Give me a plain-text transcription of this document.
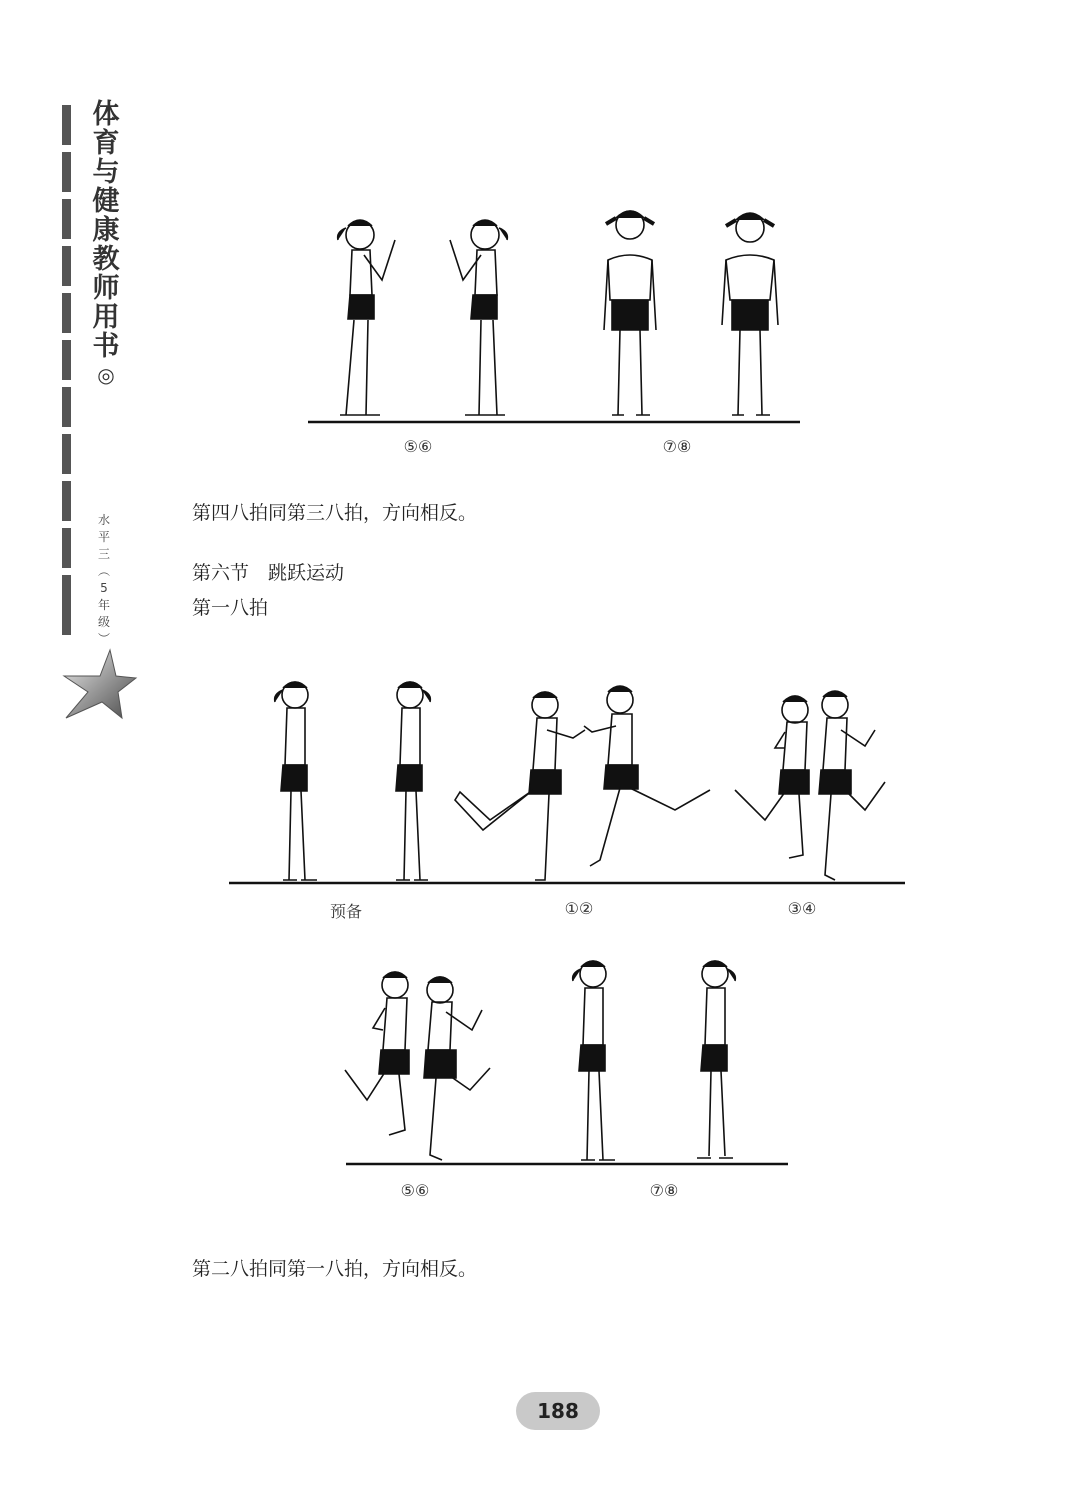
体
育
与
健
康
教
师
用
书
◎
水
平
三
︵
5
年
级
︶
⑤⑥	⑦⑧
第四八拍同第三八拍，方向相反。
第六节　跳跃运动
第一八拍
预备	①②	③④
⑤⑥	⑦⑧
第二八拍同第一八拍，方向相反。
188
